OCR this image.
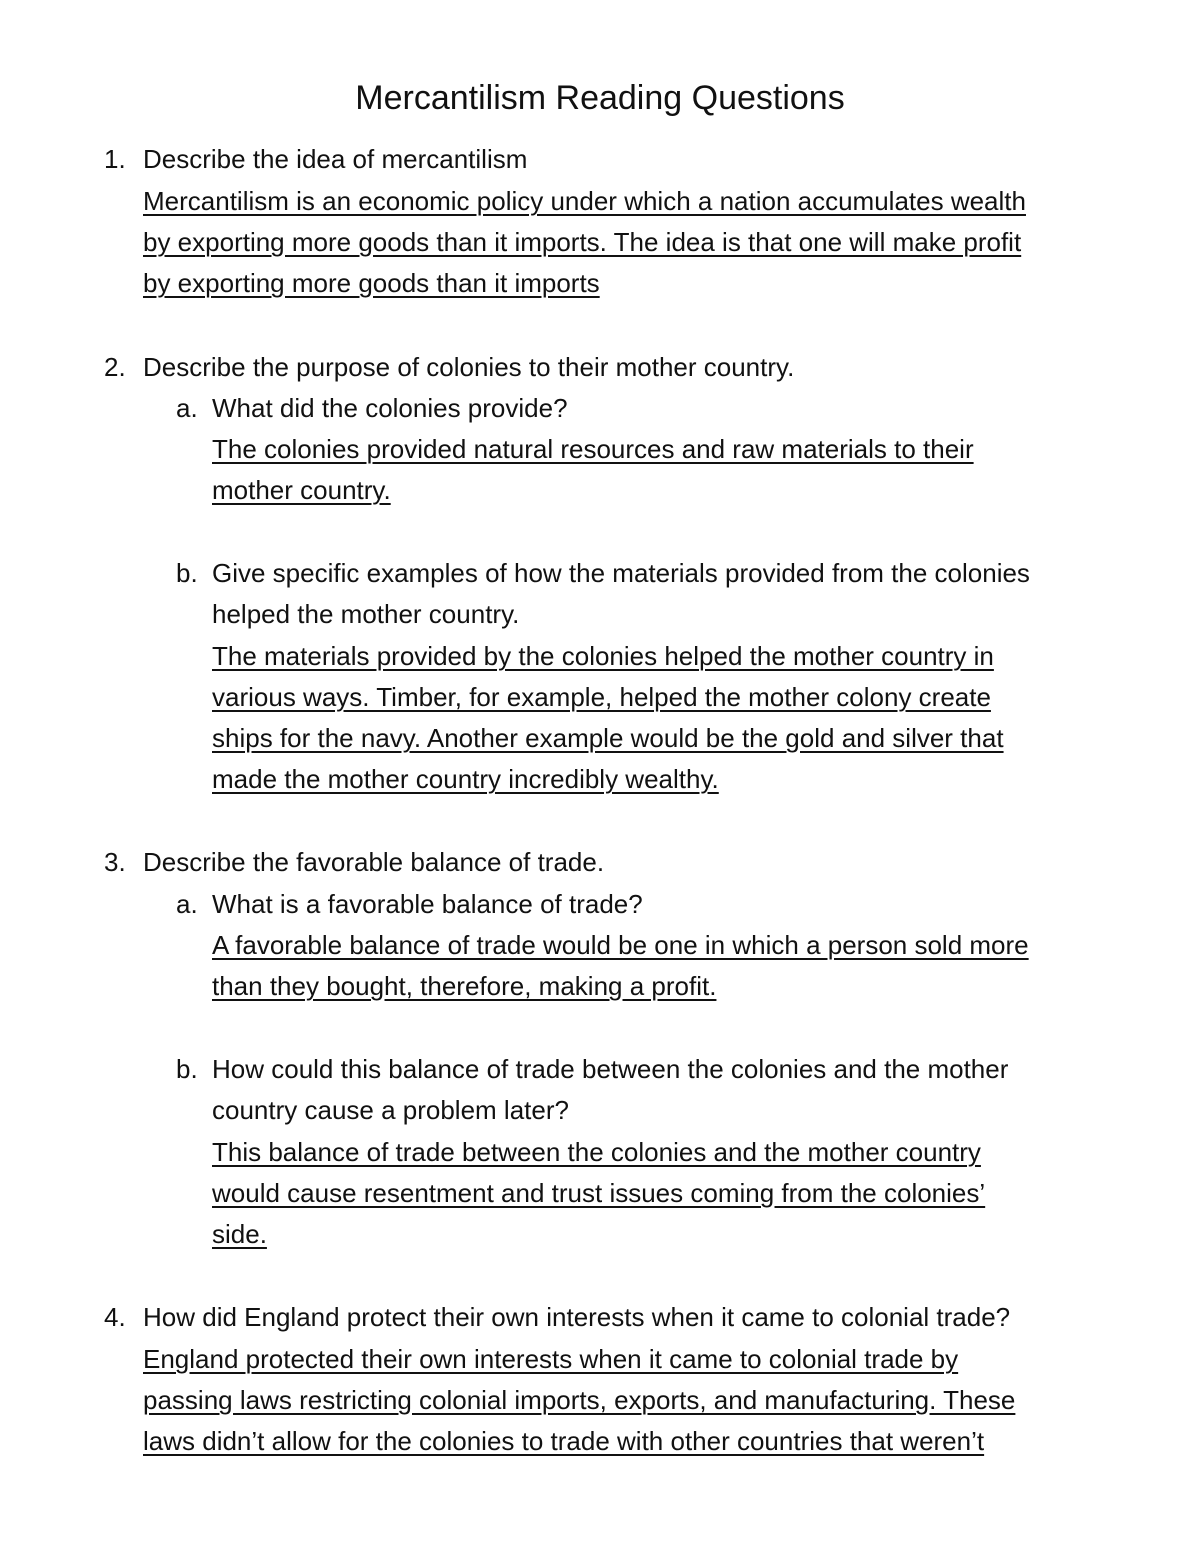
Mercantilism Reading Questions

1. Describe the idea of mercantilism

Mercantilism is an economic policy under which a nation accumulates wealth

by exporting more goods than it imports. The idea is that one will make profit

by exporting more goods than it imports

2. Describe the purpose of colonies to their mother country.

a. What did the colonies provide?

The colonies provided natural resources and raw materials to their

mother country.

b. Give specific examples of how the materials provided from the colonies

helped the mother country.

The materials provided by the colonies helped the mother country in

various ways. Timber, for example, helped the mother colony create

ships for the navy. Another example would be the gold and silver that

made the mother country incredibly wealthy.

3. Describe the favorable balance of trade.

a. What is a favorable balance of trade?

A favorable balance of trade would be one in which a person sold more

than they bought, therefore, making a profit.

b. How could this balance of trade between the colonies and the mother

country cause a problem later?

This balance of trade between the colonies and the mother country

would cause resentment and trust issues coming from the colonies’

side.

4. How did England protect their own interests when it came to colonial trade?

England protected their own interests when it came to colonial trade by

passing laws restricting colonial imports, exports, and manufacturing. These

laws didn’t allow for the colonies to trade with other countries that weren’t
